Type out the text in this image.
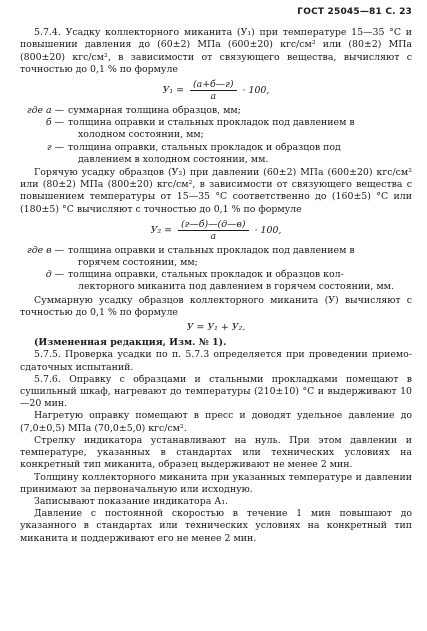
ГОСТ 25045—81 С. 23

5.7.4. Усадку коллекторного миканита (У₁) при температуре 15—35 °С и повышении давления до (60±2) МПа (600±20) кгс/см² или (80±2) МПа (800±20) кгс/см², в зависимости от связующего вещества, вычисляют с точностью до 0,1 % по формуле

$У_1 = \frac{(a+б—г)}{a} \cdot 100$,
где а — суммарная толщина образцов, мм;
б — толщина оправки и стальных прокладок под давлением в
холодном состоянии, мм;
г — толщина оправки, стальных прокладок и образцов под
давлением в холодном состоянии, мм.

Горячую усадку образцов (У₂) при давлении (60±2) МПа (600±20) кгс/см² или (80±2) МПа (800±20) кгс/см², в зависимости от связующего вещества с повышением температуры от 15—35 °С соответственно до (160±5) °С или (180±5) °С вычисляют с точностью до 0,1 % по формуле

$У_2 = \frac{(г—б)—(д—в)}{a} \cdot 100$,
где в — толщина оправки и стальных прокладок под давлением в
горячем состоянии, мм;
д — толщина оправки, стальных прокладок и образцов кол-
лекторного миканита под давлением в горячем состоянии, мм.

Суммарную усадку образцов коллекторного миканита (У) вычисляют с точностью до 0,1 % по формуле

У = У₁ + У₂.

(Измененная редакция, Изм. № 1).

5.7.5. Проверка усадки по п. 5.7.3 определяется при проведении приемо-сдаточных испытаний.

5.7.6. Оправку с образцами и стальными прокладками помещают в сушильный шкаф, нагревают до температуры (210±10) °С и выдерживают 10—20 мин.

Нагретую оправку помещают в пресс и доводят удельное давление до (7,0±0,5) МПа (70,0±5,0) кгс/см².

Стрелку индикатора устанавливают на нуль. При этом давлении и температуре, указанных в стандартах или технических условиях на конкретный тип миканита, образец выдерживают не менее 2 мин.

Толщину коллекторного миканита при указанных температуре и давлении принимают за первоначальную или исходную.

Записывают показание индикатора А₁.

Давление с постоянной скоростью в течение 1 мин повышают до указанного в стандартах или технических условиях на конкретный тип миканита и поддерживают его не менее 2 мин.
